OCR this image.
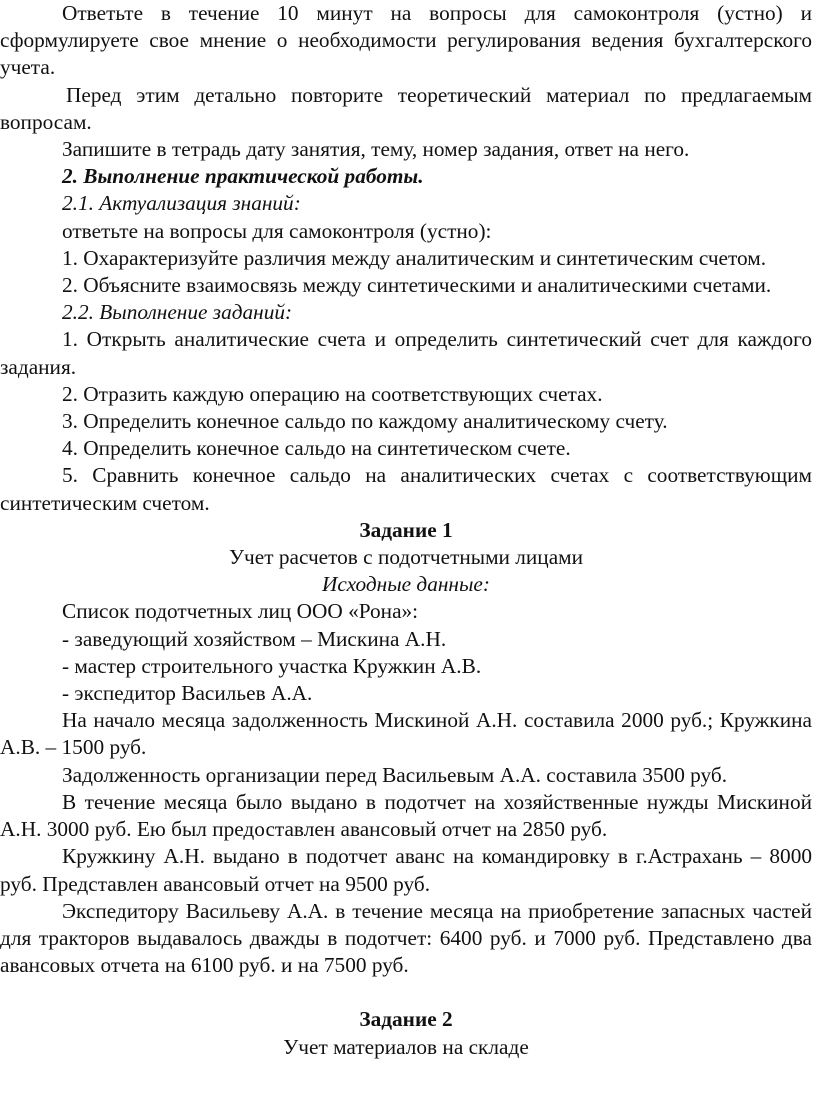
Ответьте в течение 10 минут на вопросы для самоконтроля (устно) и сформулируете свое мнение о необходимости регулирования ведения бухгалтерского учета.

Перед этим детально повторите теоретический материал по предлагаемым вопросам.

Запишите в тетрадь дату занятия, тему, номер задания, ответ на него.

2. Выполнение практической работы.

2.1. Актуализация знаний:

ответьте на вопросы для самоконтроля (устно):

1. Охарактеризуйте различия между аналитическим и синтетическим счетом.

2. Объясните взаимосвязь между синтетическими и аналитическими счетами.

2.2. Выполнение заданий:

1. Открыть аналитические счета и определить синтетический счет для каждого задания.

2. Отразить каждую операцию на соответствующих счетах.

3. Определить конечное сальдо по каждому аналитическому счету.

4. Определить конечное сальдо на синтетическом счете.

5. Сравнить конечное сальдо на аналитических счетах с соответствующим синтетическим счетом.

Задание 1

Учет расчетов с подотчетными лицами

Исходные данные:

Список подотчетных лиц ООО «Рона»:

- заведующий хозяйством – Мискина А.Н.

- мастер строительного участка Кружкин А.В.

- экспедитор Васильев А.А.

На начало месяца задолженность Мискиной А.Н. составила 2000 руб.; Кружкина А.В. – 1500 руб.

Задолженность организации перед Васильевым А.А. составила 3500 руб.

В течение месяца было выдано в подотчет на хозяйственные нужды Мискиной А.Н. 3000 руб. Ею был предоставлен авансовый отчет на 2850 руб.

Кружкину А.Н. выдано в подотчет аванс на командировку в г.Астрахань – 8000 руб. Представлен авансовый отчет на 9500 руб.

Экспедитору Васильеву А.А. в течение месяца на приобретение запасных частей для тракторов выдавалось дважды в подотчет: 6400 руб. и 7000 руб. Представлено два авансовых отчета на 6100 руб. и на 7500 руб.

Задание 2

Учет материалов на складе
